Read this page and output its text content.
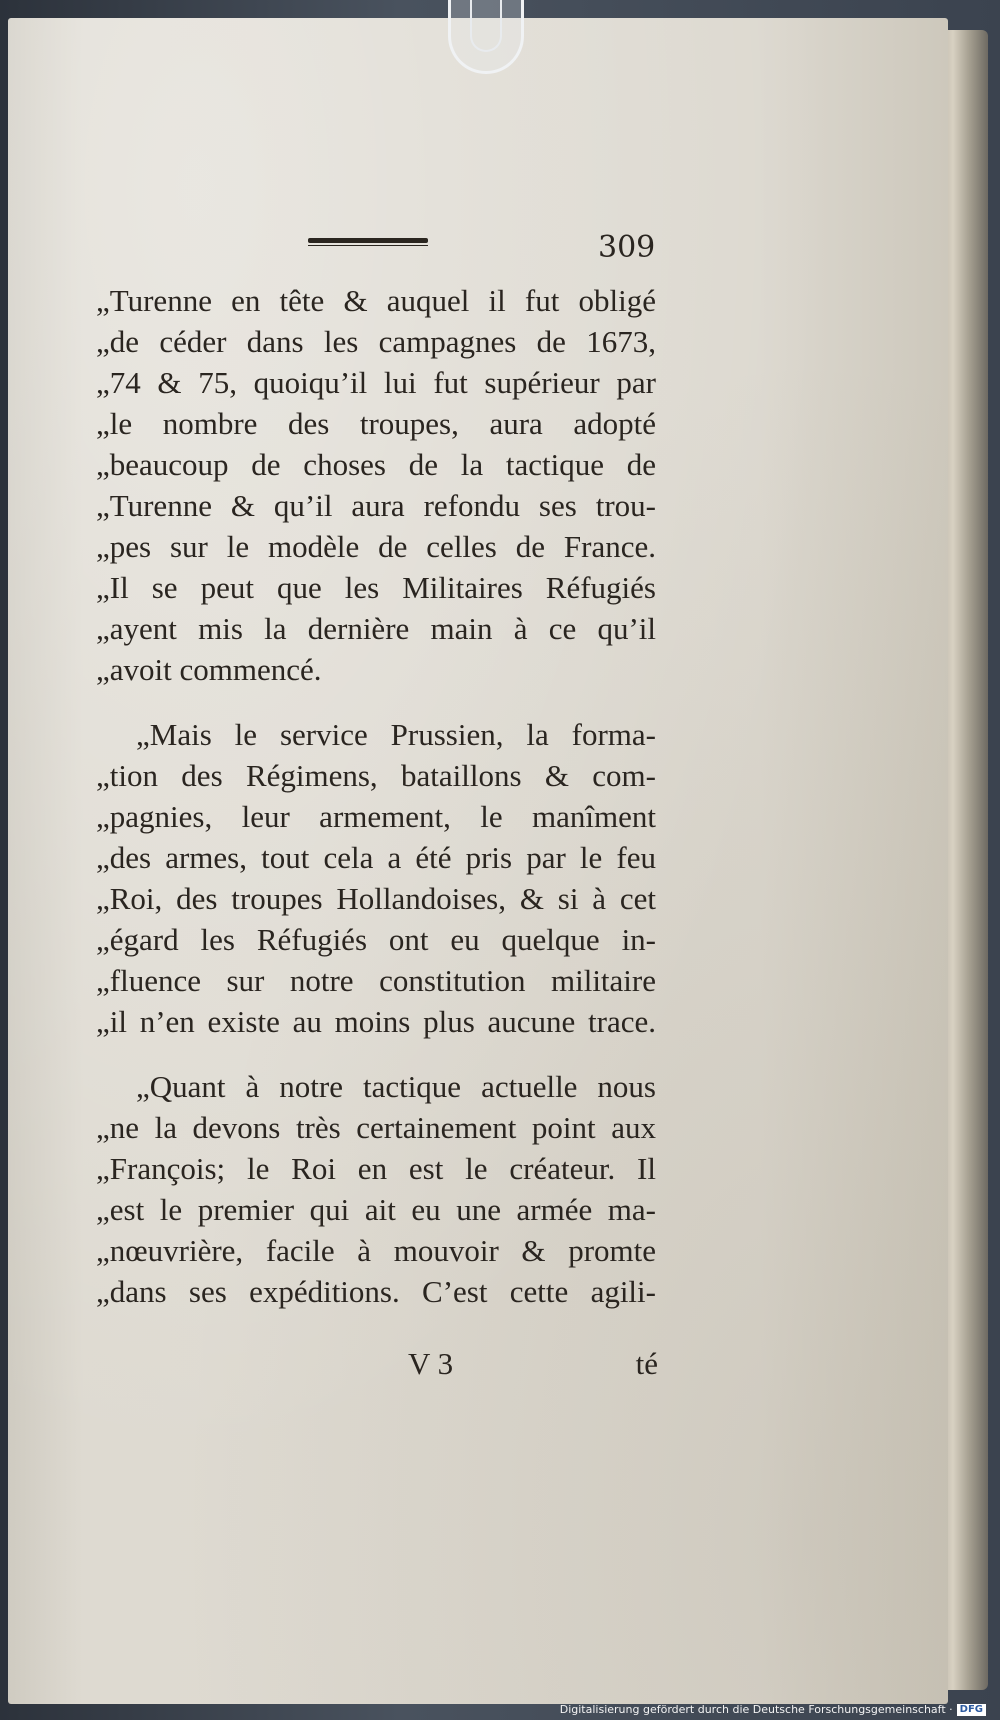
309
„Turenne en tête & auquel il fut obligé
„de céder dans les campagnes de 1673,
„74 & 75, quoiqu’il lui fut supérieur par
„le nombre des troupes, aura adopté
„beaucoup de choses de la tactique de
„Turenne & qu’il aura refondu ses trou-
„pes sur le modèle de celles de France.
„Il se peut que les Militaires Réfugiés
„ayent mis la dernière main à ce qu’il
„avoit commencé.
„Mais le service Prussien, la forma-
„tion des Régimens, bataillons & com-
„pagnies, leur armement, le manîment
„des armes, tout cela a été pris par le feu
„Roi, des troupes Hollandoises, & si à cet
„égard les Réfugiés ont eu quelque in-
„fluence sur notre constitution militaire
„il n’en existe au moins plus aucune trace.
„Quant à notre tactique actuelle nous
„ne la devons très certainement point aux
„François; le Roi en est le créateur. Il
„est le premier qui ait eu une armée ma-
„nœuvrière, facile à mouvoir & promte
„dans ses expéditions. C’est cette agili-
V 3	té
Digitalisierung gefördert durch die Deutsche Forschungsgemeinschaft · DFG
